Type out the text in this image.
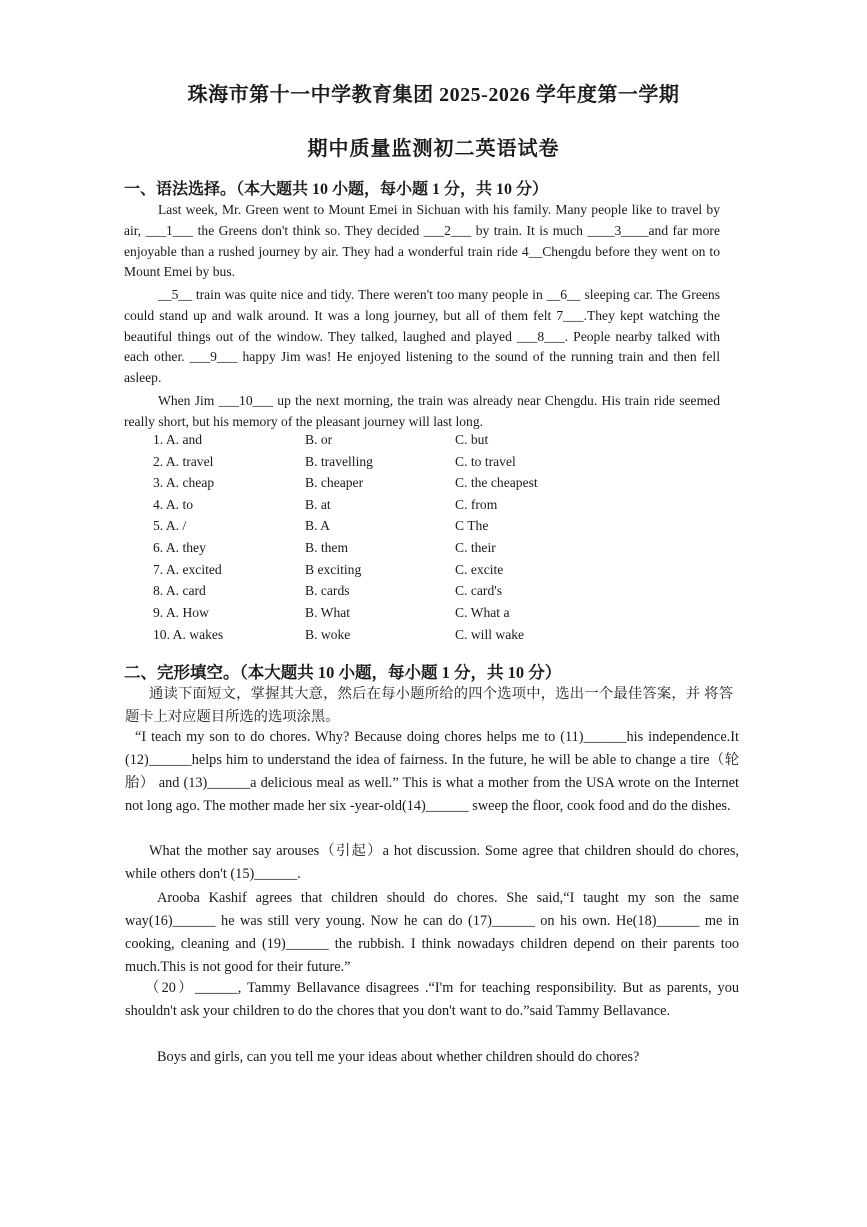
珠海市第十一中学教育集团 2025-2026 学年度第一学期
期中质量监测初二英语试卷
一、语法选择。（本大题共 10 小题，每小题 1 分，共 10 分）
Last week, Mr. Green went to Mount Emei in Sichuan with his family. Many people like to travel by air, ___1___ the Greens don't think so. They decided ___2___ by train. It is much ____3____and far more enjoyable than a rushed journey by air. They had a wonderful train ride 4__Chengdu before they went on to Mount Emei by bus.
__5__ train was quite nice and tidy. There weren't too many people in __6__ sleeping car. The Greens could stand up and walk around. It was a long journey, but all of them felt 7___.They kept watching the beautiful things out of the window. They talked, laughed and played ___8___. People nearby talked with each other. ___9___ happy Jim was! He enjoyed listening to the sound of the running train and then fell asleep.
When Jim ___10___ up the next morning, the train was already near Chengdu. His train ride seemed really short, but his memory of the pleasant journey will last long.
1. A. and	B. or	C. but
2. A. travel	B. travelling	C. to travel
3. A. cheap	B. cheaper	C. the cheapest
4. A. to	B. at	C. from
5. A. /	B. A	C The
6. A. they	B. them	C. their
7. A. excited	B exciting	C. excite
8. A. card	B. cards	C. card's
9. A. How	B. What	C. What a
10. A. wakes	B. woke	C. will wake
二、完形填空。（本大题共 10 小题，每小题 1 分，共 10 分）
通读下面短文，掌握其大意，然后在每小题所给的四个选项中，选出一个最佳答案，并 将答题卡上对应题目所选的选项涂黑。
“I teach my son to do chores. Why? Because doing chores helps me to (11)______his independence.It (12)______helps him to understand the idea of fairness. In the future, he will be able to change a tire（轮胎） and (13)______a delicious meal as well.” This is what a mother from the USA wrote on the Internet not long ago. The mother made her six -year-old(14)______ sweep the floor, cook food and do the dishes.
What the mother say arouses（引起）a hot discussion. Some agree that children should do chores, while others don't (15)______.
Arooba Kashif agrees that children should do chores. She said,“I taught my son the same way(16)______ he was still very young. Now he can do (17)______ on his own. He(18)______ me in cooking, cleaning and (19)______ the rubbish. I think nowadays children depend on their parents too much.This is not good for their future.”
（20）______, Tammy Bellavance disagrees .“I'm for teaching responsibility. But as parents, you shouldn't ask your children to do the chores that you don't want to do.”said Tammy Bellavance.
Boys and girls, can you tell me your ideas about whether children should do chores?
